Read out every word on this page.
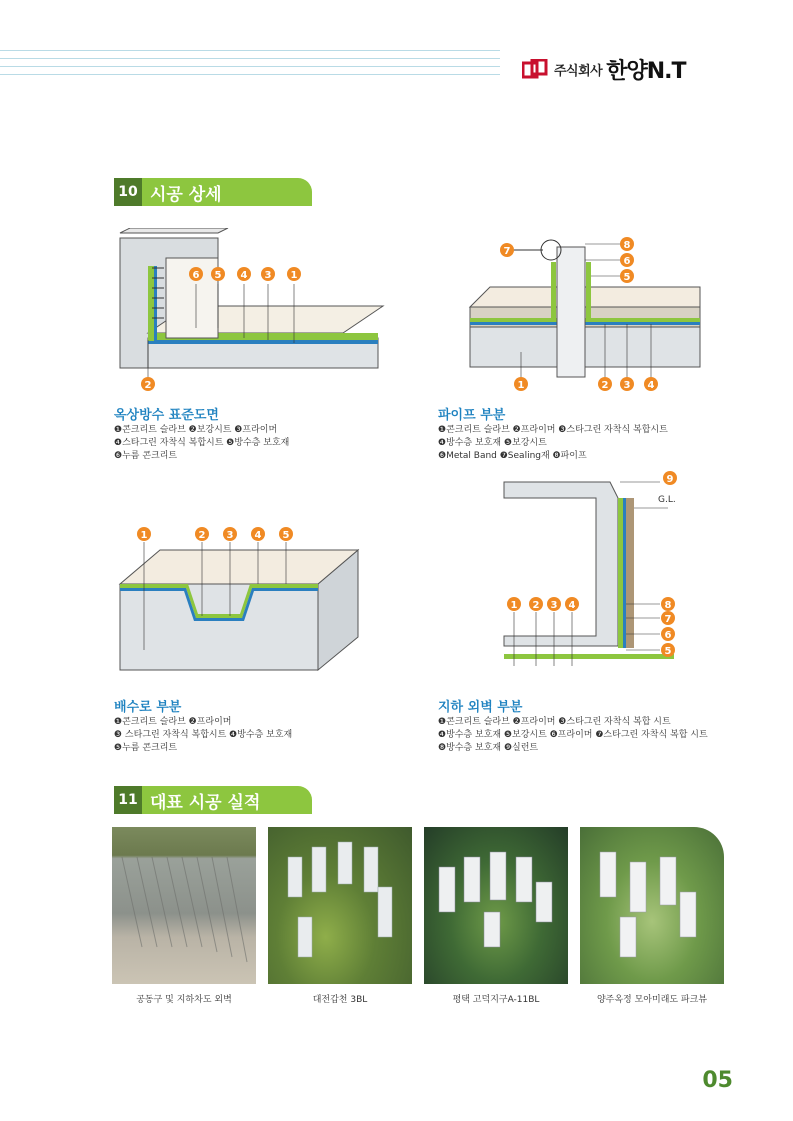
주식회사 한양N.T
10 시공 상세
6 5 4 3 1
2
옥상방수 표준도면
❶콘크리트 슬라브 ❷보강시트 ❸프라이머
❹스타그린 자착식 복합시트 ❺방수층 보호재
❻누름 콘크리트
7
8
6
5
1	2 3 4
파이프 부분
❶콘크리트 슬라브 ❷프라이머 ❸스타그린 자착식 복합시트
❹방수층 보호재 ❺보강시트
❻Metal Band ❼Sealing재 ❽파이프
1	2 3 4 5
배수로 부분
❶콘크리트 슬라브 ❷프라이머
❸ 스타그린 자착식 복합시트 ❹방수층 보호재
❺누름 콘크리트
G.L.
9
1 2 3 4	8
7
6
5
지하 외벽 부분
❶콘크리트 슬라브 ❷프라이머 ❸스타그린 자착식 복합 시트
❹방수층 보호재 ❺보강시트 ❻프라이머 ❼스타그린 자착식 복합 시트
❽방수층 보호재 ❾실런트
11 대표 시공 실적
공동구 및 지하차도 외벽	대전갑천 3BL	평택 고덕지구A-11BL	양주옥정 모아미래도 파크뷰
05
